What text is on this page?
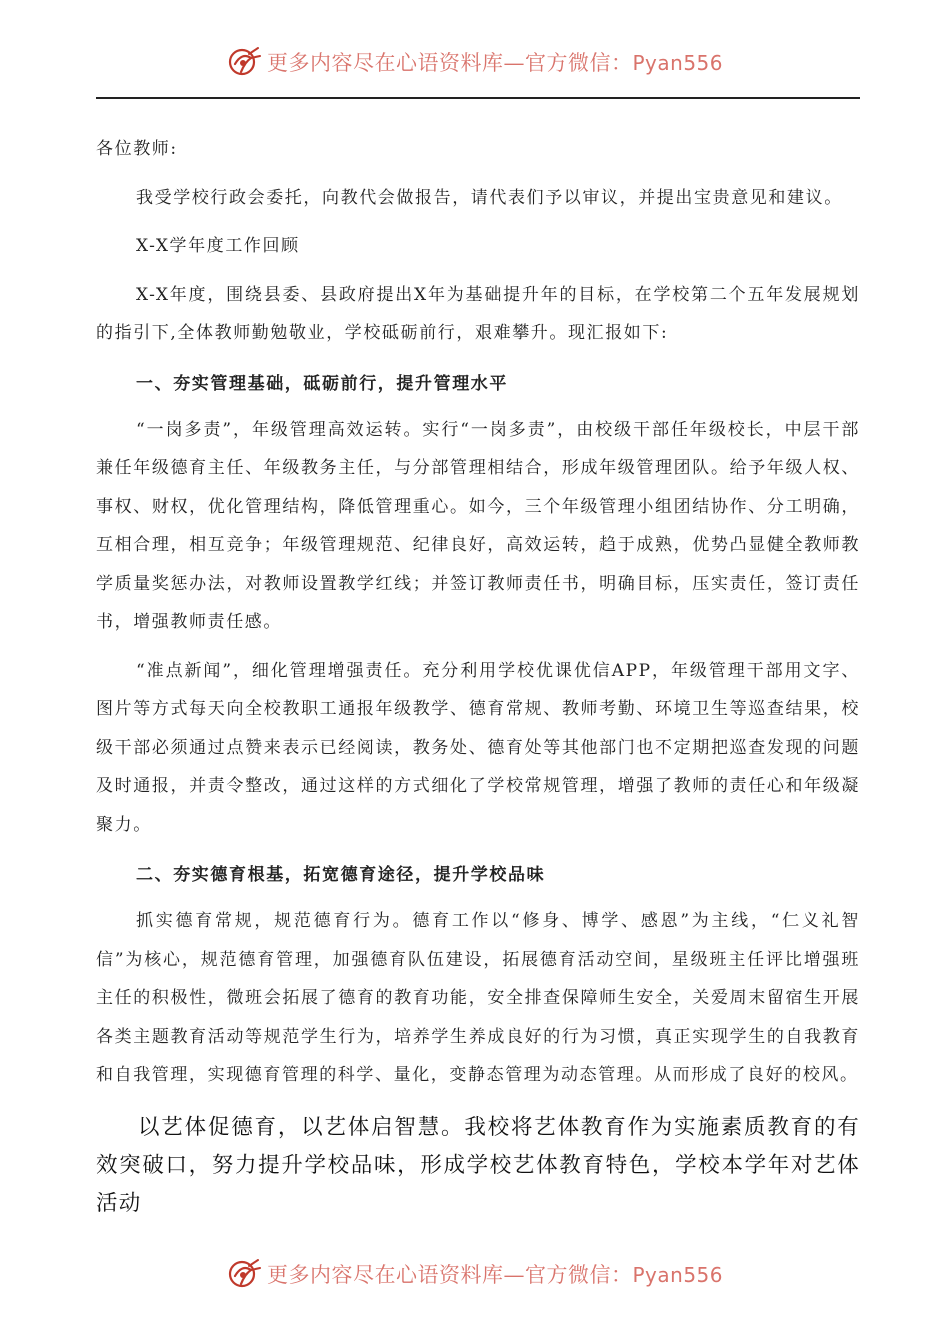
更多内容尽在心语资料库—官方微信：Pyan556

各位教师:

我受学校行政会委托，向教代会做报告，请代表们予以审议，并提出宝贵意见和建议。

X-X学年度工作回顾

X-X年度，围绕县委、县政府提出X年为基础提升年的目标，在学校第二个五年发展规划的指引下,全体教师勤勉敬业，学校砥砺前行，艰难攀升。现汇报如下:

一、夯实管理基础，砥砺前行，提升管理水平

“一岗多责”，年级管理高效运转。实行“一岗多责”，由校级干部任年级校长，中层干部兼任年级德育主任、年级教务主任，与分部管理相结合，形成年级管理团队。给予年级人权、事权、财权，优化管理结构，降低管理重心。如今，三个年级管理小组团结协作、分工明确，互相合理，相互竞争；年级管理规范、纪律良好，高效运转，趋于成熟，优势凸显健全教师教学质量奖惩办法，对教师设置教学红线；并签订教师责任书，明确目标，压实责任，签订责任书，增强教师责任感。

“准点新闻”，细化管理增强责任。充分利用学校优课优信APP，年级管理干部用文字、图片等方式每天向全校教职工通报年级教学、德育常规、教师考勤、环境卫生等巡查结果，校级干部必须通过点赞来表示已经阅读，教务处、德育处等其他部门也不定期把巡查发现的问题及时通报，并责令整改，通过这样的方式细化了学校常规管理，增强了教师的责任心和年级凝聚力。

二、夯实德育根基，拓宽德育途径，提升学校品味

抓实德育常规，规范德育行为。德育工作以“修身、博学、感恩”为主线，“仁义礼智信”为核心，规范德育管理，加强德育队伍建设，拓展德育活动空间，星级班主任评比增强班主任的积极性，微班会拓展了德育的教育功能，安全排查保障师生安全，关爱周末留宿生开展各类主题教育活动等规范学生行为，培养学生养成良好的行为习惯，真正实现学生的自我教育和自我管理，实现德育管理的科学、量化，变静态管理为动态管理。从而形成了良好的校风。

以艺体促德育，以艺体启智慧。我校将艺体教育作为实施素质教育的有效突破口，努力提升学校品味，形成学校艺体教育特色，学校本学年对艺体活动

更多内容尽在心语资料库—官方微信：Pyan556
